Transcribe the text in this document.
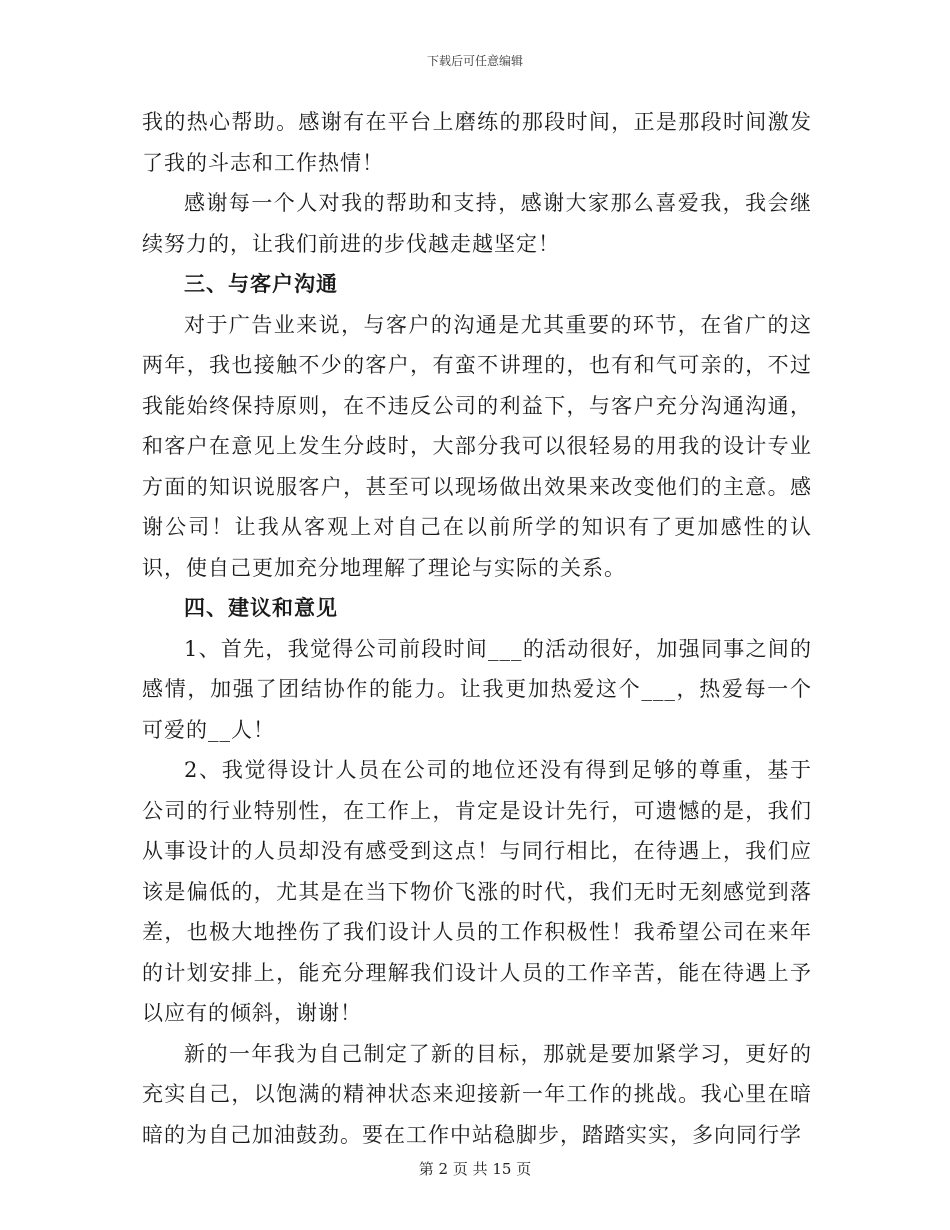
下载后可任意编辑

我的热心帮助。感谢有在平台上磨练的那段时间，正是那段时间激发了我的斗志和工作热情！

感谢每一个人对我的帮助和支持，感谢大家那么喜爱我，我会继续努力的，让我们前进的步伐越走越坚定！

三、与客户沟通

对于广告业来说，与客户的沟通是尤其重要的环节，在省广的这两年，我也接触不少的客户，有蛮不讲理的，也有和气可亲的，不过我能始终保持原则，在不违反公司的利益下，与客户充分沟通沟通，和客户在意见上发生分歧时，大部分我可以很轻易的用我的设计专业方面的知识说服客户，甚至可以现场做出效果来改变他们的主意。感谢公司！让我从客观上对自己在以前所学的知识有了更加感性的认识，使自己更加充分地理解了理论与实际的关系。

四、建议和意见

1、首先，我觉得公司前段时间___的活动很好，加强同事之间的感情，加强了团结协作的能力。让我更加热爱这个___，热爱每一个可爱的__人！

2、我觉得设计人员在公司的地位还没有得到足够的尊重，基于公司的行业特别性，在工作上，肯定是设计先行，可遗憾的是，我们从事设计的人员却没有感受到这点！与同行相比，在待遇上，我们应该是偏低的，尤其是在当下物价飞涨的时代，我们无时无刻感觉到落差，也极大地挫伤了我们设计人员的工作积极性！我希望公司在来年的计划安排上，能充分理解我们设计人员的工作辛苦，能在待遇上予以应有的倾斜，谢谢！

新的一年我为自己制定了新的目标，那就是要加紧学习，更好的充实自己，以饱满的精神状态来迎接新一年工作的挑战。我心里在暗暗的为自己加油鼓劲。要在工作中站稳脚步，踏踏实实，多向同行学

第 2 页 共 15 页
